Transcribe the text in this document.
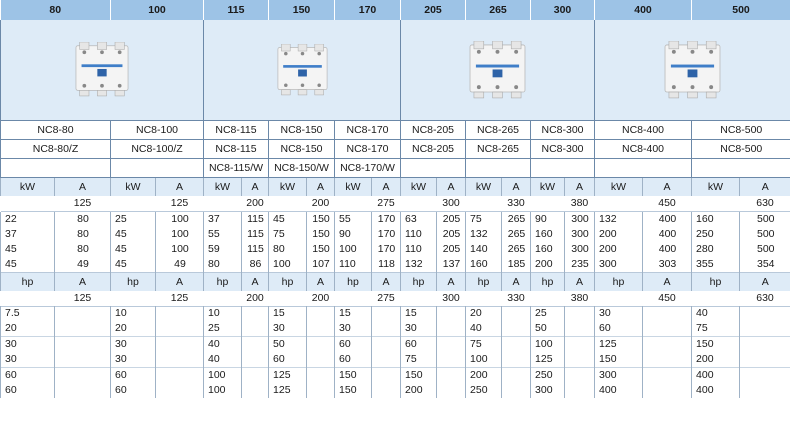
80		100		115		150		170		205		265		300		400		500	

NC8-80		NC8-100		NC8-115		NC8-150		NC8-170		NC8-205		NC8-265		NC8-300		NC8-400		NC8-500	
NC8-80/Z		NC8-100/Z		NC8-115		NC8-150		NC8-170		NC8-205		NC8-265		NC8-300		NC8-400		NC8-500	
				NC8-115/W		NC8-150/W		NC8-170/W											
kW	A	kW	A	kW	A	kW	A	kW	A	kW	A	kW	A	kW	A	kW	A	kW	A
	125		125		200		200		275		300		330		380		450		630

22	80	25	100	37	115	45	150	55	170	63	205	75	265	90	300	132	400	160	500
37	80	45	100	55	115	75	150	90	170	110	205	132	265	160	300	200	400	250	500
45	80	45	100	59	115	80	150	100	170	110	205	140	265	160	300	200	400	280	500
45	49	45	49	80	86	100	107	110	118	132	137	160	185	200	235	300	303	355	354
hp	A	hp	A	hp	A	hp	A	hp	A	hp	A	hp	A	hp	A	hp	A	hp	A
	125		125		200		200		275		300		330		380		450		630

7.5		10		10		15		15		15		20		25		30		40	
20		20		25		30		30		30		40		50		60		75	
30		30		40		50		60		60		75		100		125		150	
30		30		40		60		60		75		100		125		150		200	
60		60		100		125		150		150		200		250		300		400	
60		60		100		125		150		200		250		300		400		400	
